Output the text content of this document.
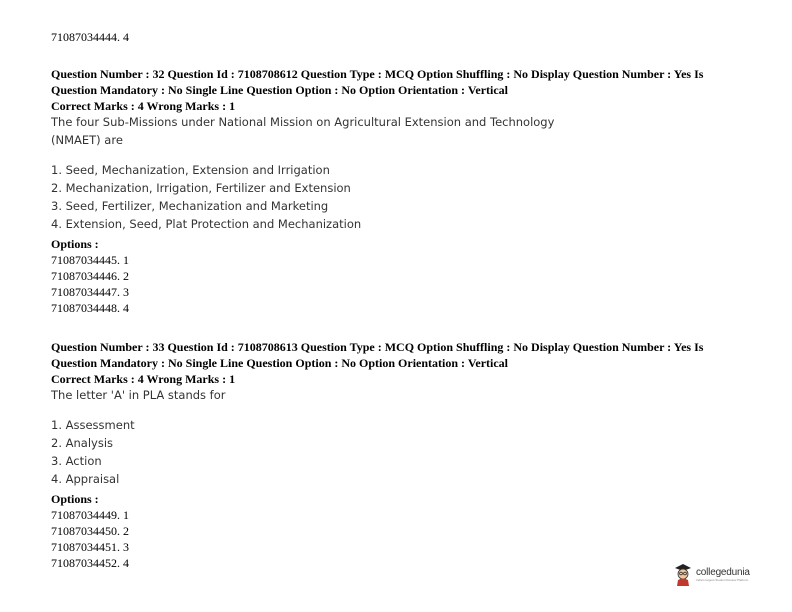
71087034444. 4
Question Number : 32 Question Id : 7108708612 Question Type : MCQ Option Shuffling : No Display Question Number : Yes Is
Question Mandatory : No Single Line Question Option : No Option Orientation : Vertical
Correct Marks : 4 Wrong Marks : 1
The four Sub-Missions under National Mission on Agricultural Extension and Technology
(NMAET) are
1. Seed, Mechanization, Extension and Irrigation
2. Mechanization, Irrigation, Fertilizer and Extension
3. Seed, Fertilizer, Mechanization and Marketing
4. Extension, Seed, Plat Protection and Mechanization
Options :
71087034445. 1
71087034446. 2
71087034447. 3
71087034448. 4
Question Number : 33 Question Id : 7108708613 Question Type : MCQ Option Shuffling : No Display Question Number : Yes Is
Question Mandatory : No Single Line Question Option : No Option Orientation : Vertical
Correct Marks : 4 Wrong Marks : 1
The letter 'A' in PLA stands for
1. Assessment
2. Analysis
3. Action
4. Appraisal
Options :
71087034449. 1
71087034450. 2
71087034451. 3
71087034452. 4
collegedunia
India's largest Student Review Platform
